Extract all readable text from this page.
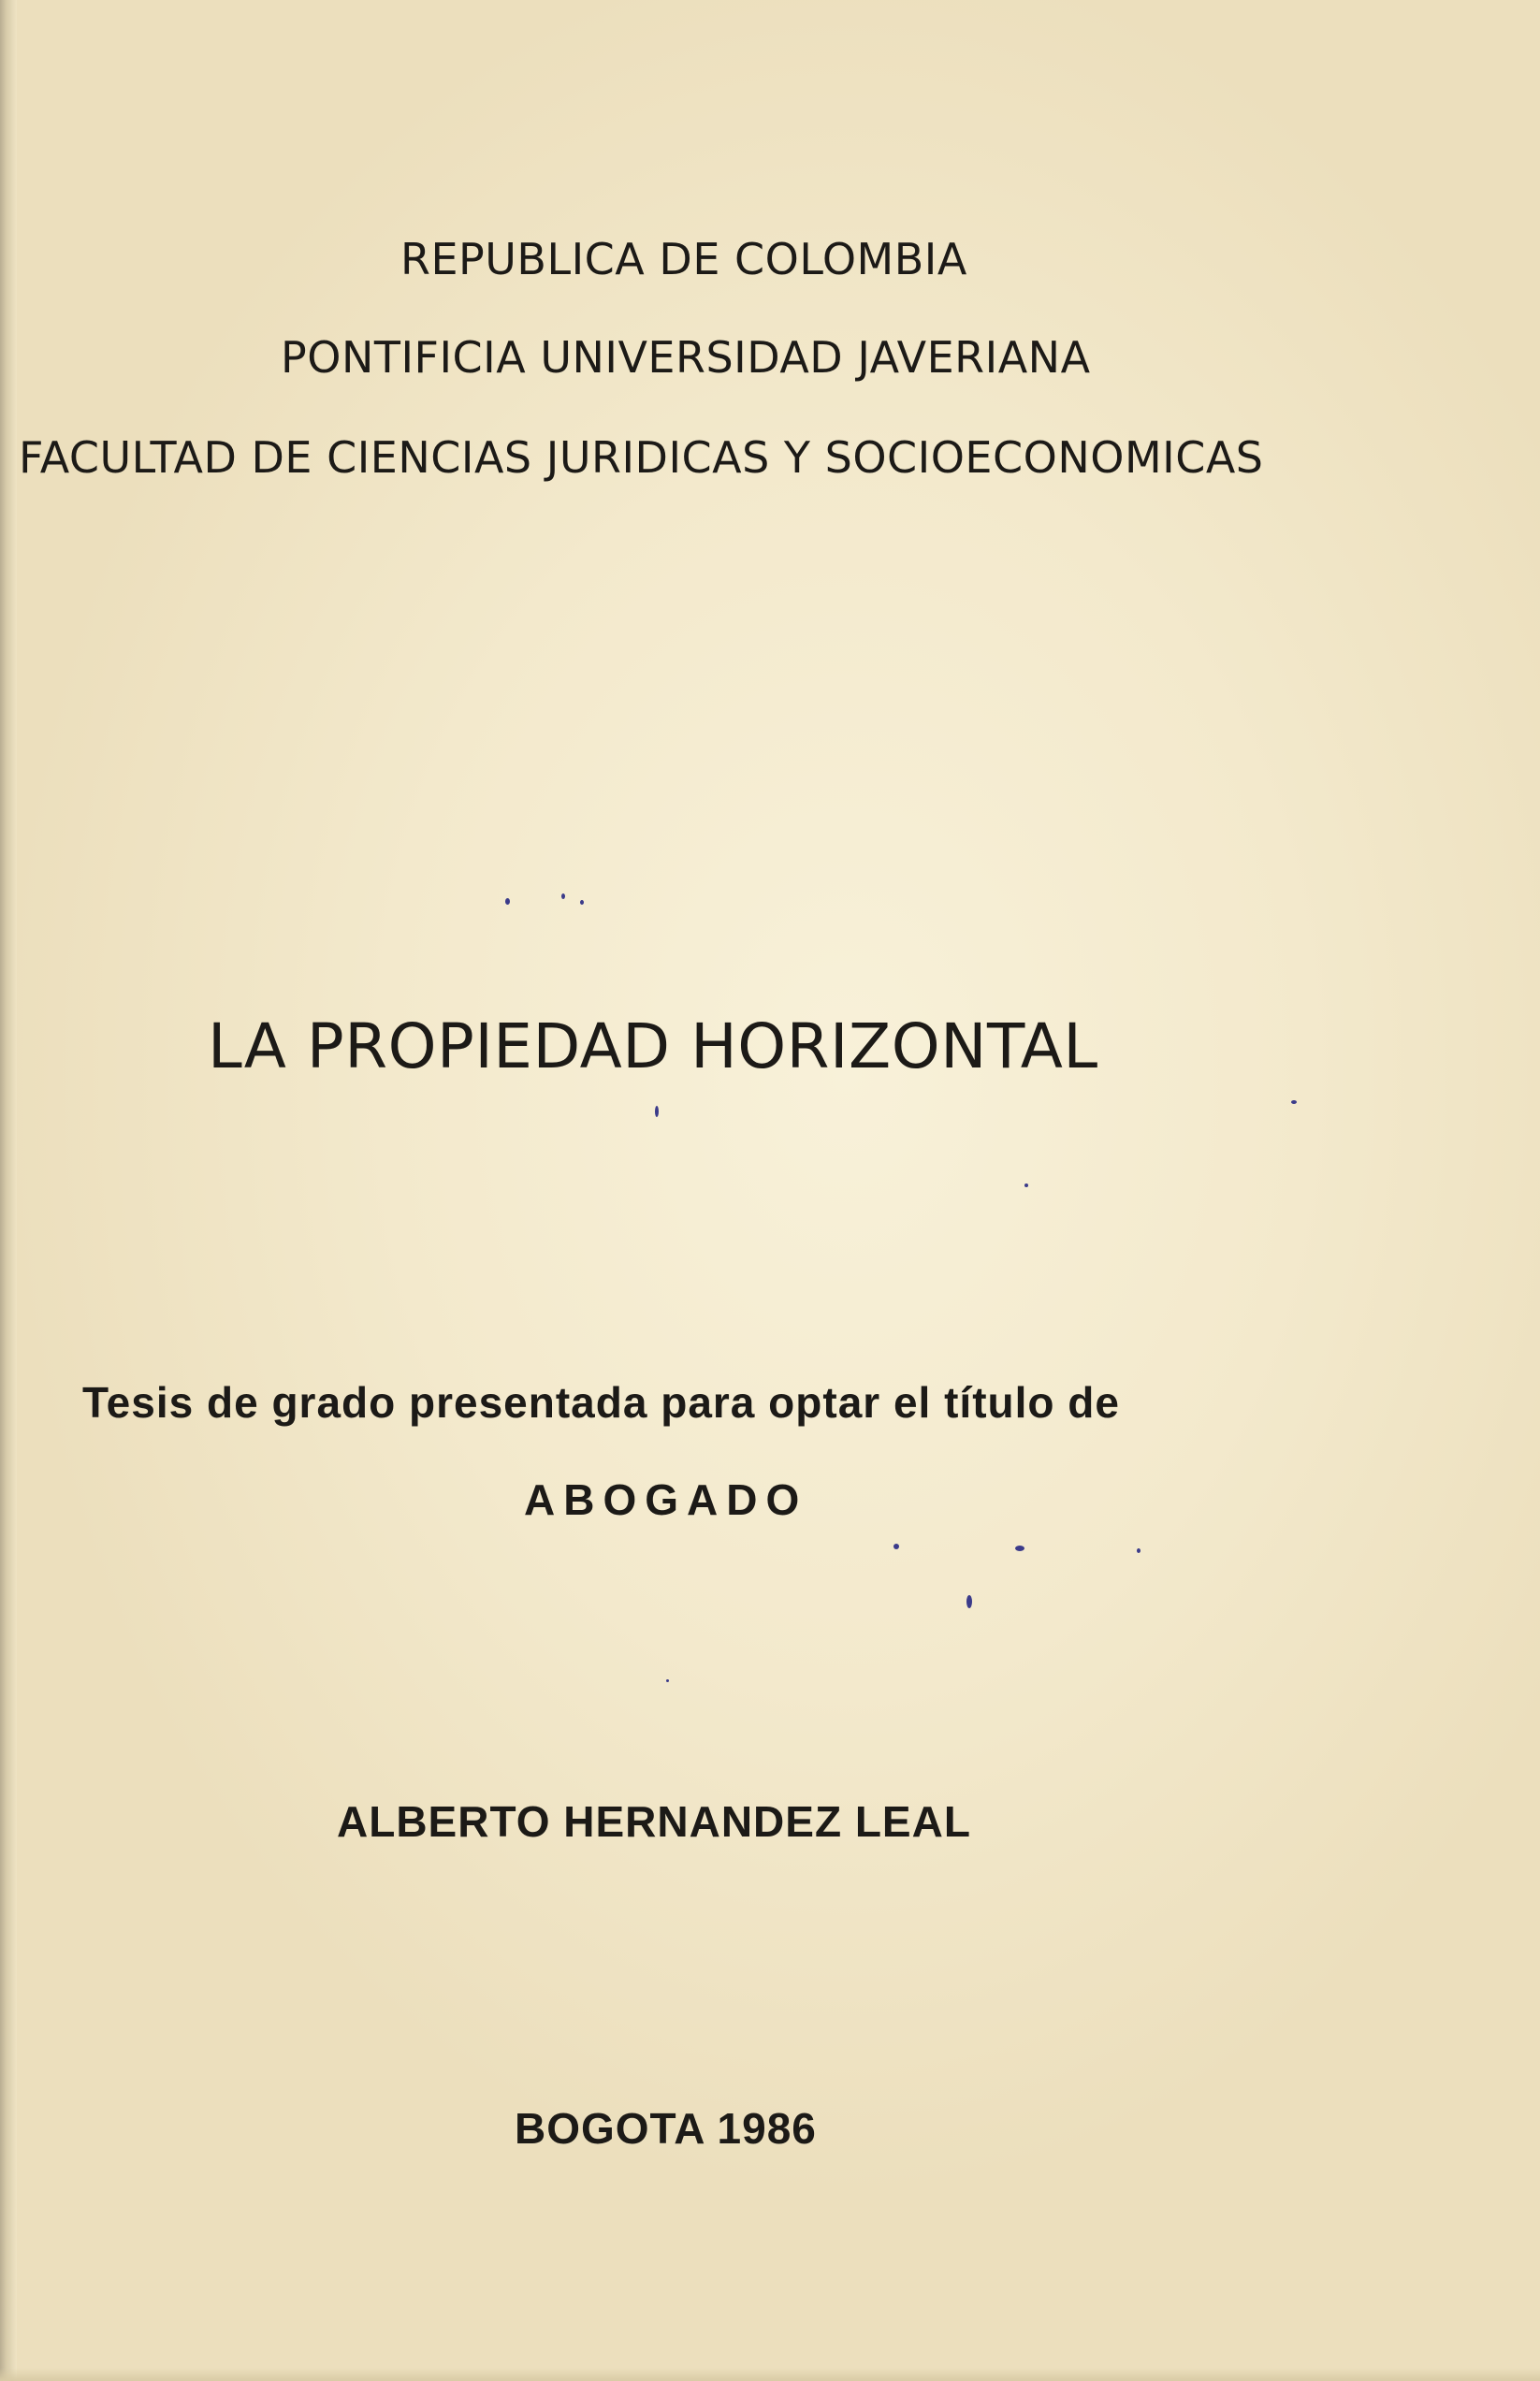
REPUBLICA DE COLOMBIA
PONTIFICIA UNIVERSIDAD JAVERIANA
FACULTAD DE CIENCIAS JURIDICAS Y SOCIOECONOMICAS
LA PROPIEDAD HORIZONTAL
Tesis de grado presentada para optar el título de
ABOGADO
ALBERTO HERNANDEZ LEAL
BOGOTA 1986
